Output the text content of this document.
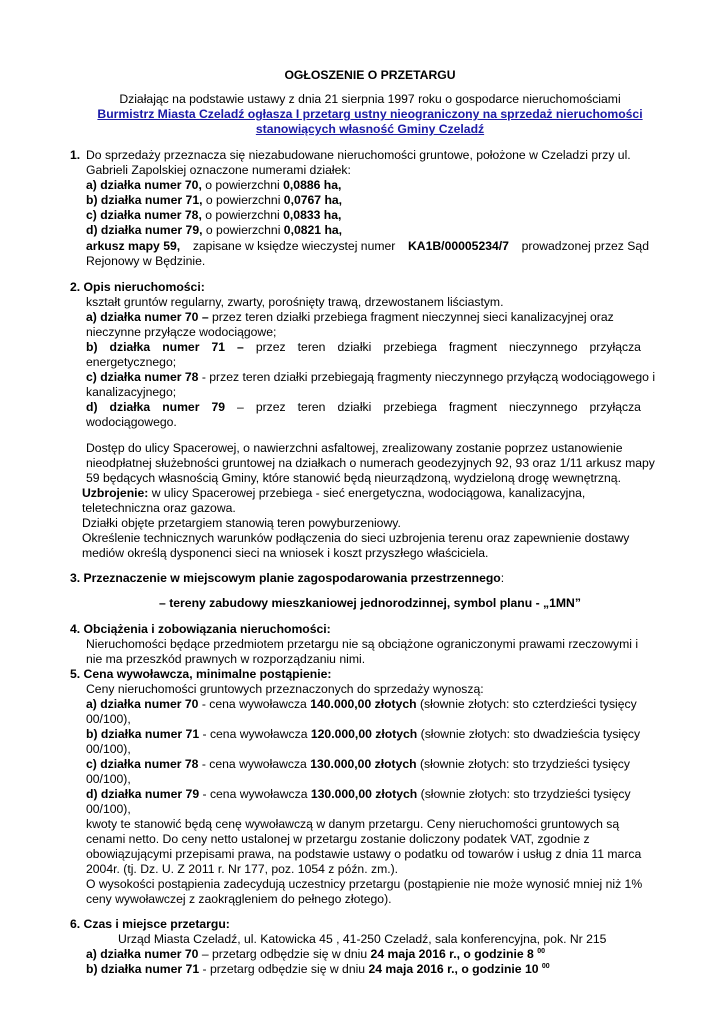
OGŁOSZENIE O PRZETARGU
Działając na podstawie ustawy z dnia 21 sierpnia 1997 roku o gospodarce nieruchomościami
Burmistrz Miasta Czeladź ogłasza I przetarg ustny nieograniczony na sprzedaż nieruchomości
stanowiących własność Gminy Czeladź
1. Do sprzedaży przeznacza się niezabudowane nieruchomości gruntowe, położone w Czeladzi przy ul.
Gabrieli Zapolskiej oznaczone numerami działek:
a) działka numer 70, o powierzchni 0,0886 ha,
b) działka numer 71, o powierzchni 0,0767 ha,
c) działka numer 78, o powierzchni 0,0833 ha,
d) działka numer 79, o powierzchni 0,0821 ha,
arkusz mapy 59, zapisane w księdze wieczystej numer KA1B/00005234/7 prowadzonej przez Sąd
Rejonowy w Będzinie.
2. Opis nieruchomości:
kształt gruntów regularny, zwarty, porośnięty trawą, drzewostanem liściastym.
a) działka numer 70 – przez teren działki przebiega fragment nieczynnej sieci kanalizacyjnej oraz
nieczynne przyłącze wodociągowe;
b) działka numer 71 – przez teren działki przebiega fragment nieczynnego przyłącza
energetycznego;
c) działka numer 78 - przez teren działki przebiegają fragmenty nieczynnego przyłączą wodociągowego i
kanalizacyjnego;
d) działka numer 79 – przez teren działki przebiega fragment nieczynnego przyłącza
wodociągowego.
Dostęp do ulicy Spacerowej, o nawierzchni asfaltowej, zrealizowany zostanie poprzez ustanowienie
nieodpłatnej służebności gruntowej na działkach o numerach geodezyjnych 92, 93 oraz 1/11 arkusz mapy
59 będących własnością Gminy, które stanowić będą nieurządzoną, wydzieloną drogę wewnętrzną.
Uzbrojenie: w ulicy Spacerowej przebiega - sieć energetyczna, wodociągowa, kanalizacyjna,
teletechniczna oraz gazowa.
Działki objęte przetargiem stanowią teren powyburzeniowy.
Określenie technicznych warunków podłączenia do sieci uzbrojenia terenu oraz zapewnienie dostawy
mediów określą dysponenci sieci na wniosek i koszt przyszłego właściciela.
3. Przeznaczenie w miejscowym planie zagospodarowania przestrzennego:
– tereny zabudowy mieszkaniowej jednorodzinnej, symbol planu - „1MN”
4. Obciążenia i zobowiązania nieruchomości:
Nieruchomości będące przedmiotem przetargu nie są obciążone ograniczonymi prawami rzeczowymi i
nie ma przeszkód prawnych w rozporządzaniu nimi.
5. Cena wywoławcza, minimalne postąpienie:
Ceny nieruchomości gruntowych przeznaczonych do sprzedaży wynoszą:
a) działka numer 70 - cena wywoławcza 140.000,00 złotych (słownie złotych: sto czterdzieści tysięcy
00/100),
b) działka numer 71 - cena wywoławcza 120.000,00 złotych (słownie złotych: sto dwadzieścia tysięcy
00/100),
c) działka numer 78 - cena wywoławcza 130.000,00 złotych (słownie złotych: sto trzydzieści tysięcy
00/100),
d) działka numer 79 - cena wywoławcza 130.000,00 złotych (słownie złotych: sto trzydzieści tysięcy
00/100),
kwoty te stanowić będą cenę wywoławczą w danym przetargu. Ceny nieruchomości gruntowych są
cenami netto. Do ceny netto ustalonej w przetargu zostanie doliczony podatek VAT, zgodnie z
obowiązującymi przepisami prawa, na podstawie ustawy o podatku od towarów i usług z dnia 11 marca
2004r. (tj. Dz. U. Z 2011 r. Nr 177, poz. 1054 z późn. zm.).
O wysokości postąpienia zadecydują uczestnicy przetargu (postąpienie nie może wynosić mniej niż 1%
ceny wywoławczej z zaokrągleniem do pełnego złotego).
6. Czas i miejsce przetargu:
Urząd Miasta Czeladź, ul. Katowicka 45 , 41-250 Czeladź, sala konferencyjna, pok. Nr 215
a) działka numer 70 – przetarg odbędzie się w dniu 24 maja 2016 r., o godzinie 8 $^{00}$
b) działka numer 71 - przetarg odbędzie się w dniu 24 maja 2016 r., o godzinie 10 $^{00}$
